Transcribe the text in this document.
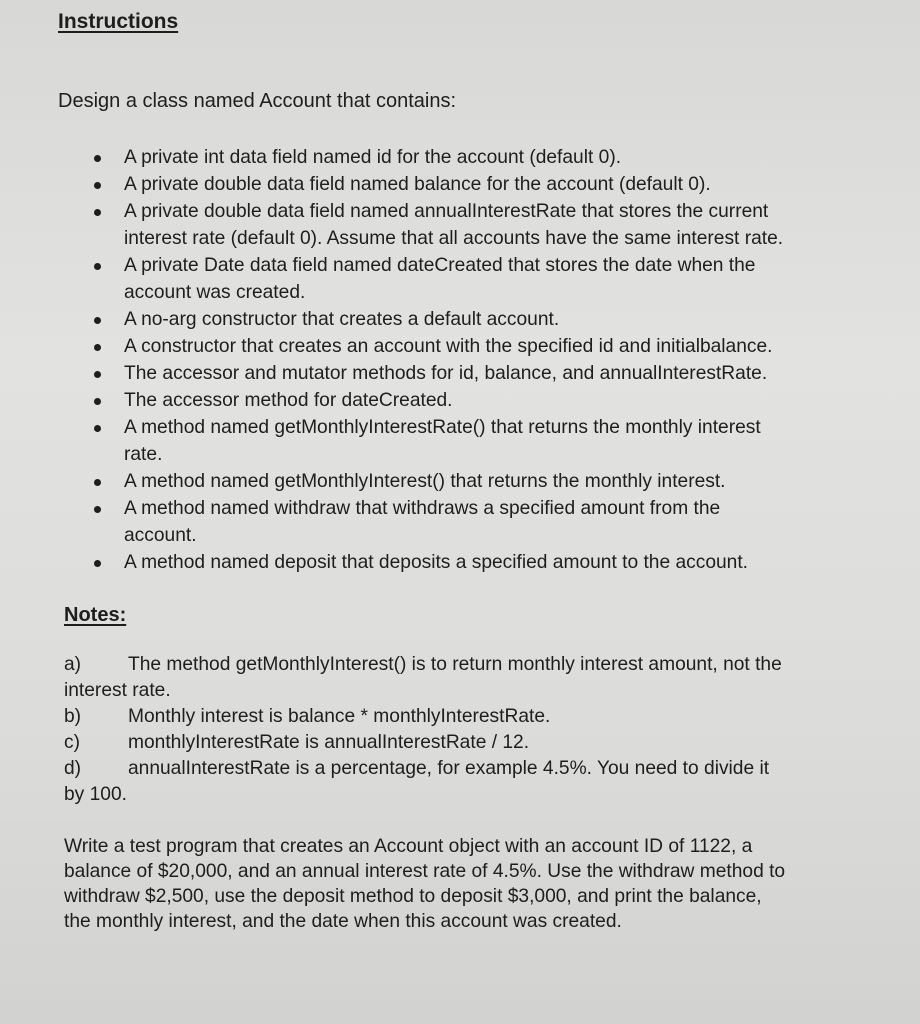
Instructions
Design a class named Account that contains:
A private int data field named id for the account (default 0).
A private double data field named balance for the account (default 0).
A private double data field named annualInterestRate that stores the current
interest rate (default 0). Assume that all accounts have the same interest rate.
A private Date data field named dateCreated that stores the date when the
account was created.
A no-arg constructor that creates a default account.
A constructor that creates an account with the specified id and initialbalance.
The accessor and mutator methods for id, balance, and annualInterestRate.
The accessor method for dateCreated.
A method named getMonthlyInterestRate() that returns the monthly interest
rate.
A method named getMonthlyInterest() that returns the monthly interest.
A method named withdraw that withdraws a specified amount from the
account.
A method named deposit that deposits a specified amount to the account.
Notes:
a)	The method getMonthlyInterest() is to return monthly interest amount, not the
interest rate.
b)	Monthly interest is balance * monthlyInterestRate.
c)	monthlyInterestRate is annualInterestRate / 12.
d)	annualInterestRate is a percentage, for example 4.5%. You need to divide it
by 100.
Write a test program that creates an Account object with an account ID of 1122, a
balance of $20,000, and an annual interest rate of 4.5%. Use the withdraw method to
withdraw $2,500, use the deposit method to deposit $3,000, and print the balance,
the monthly interest, and the date when this account was created.
